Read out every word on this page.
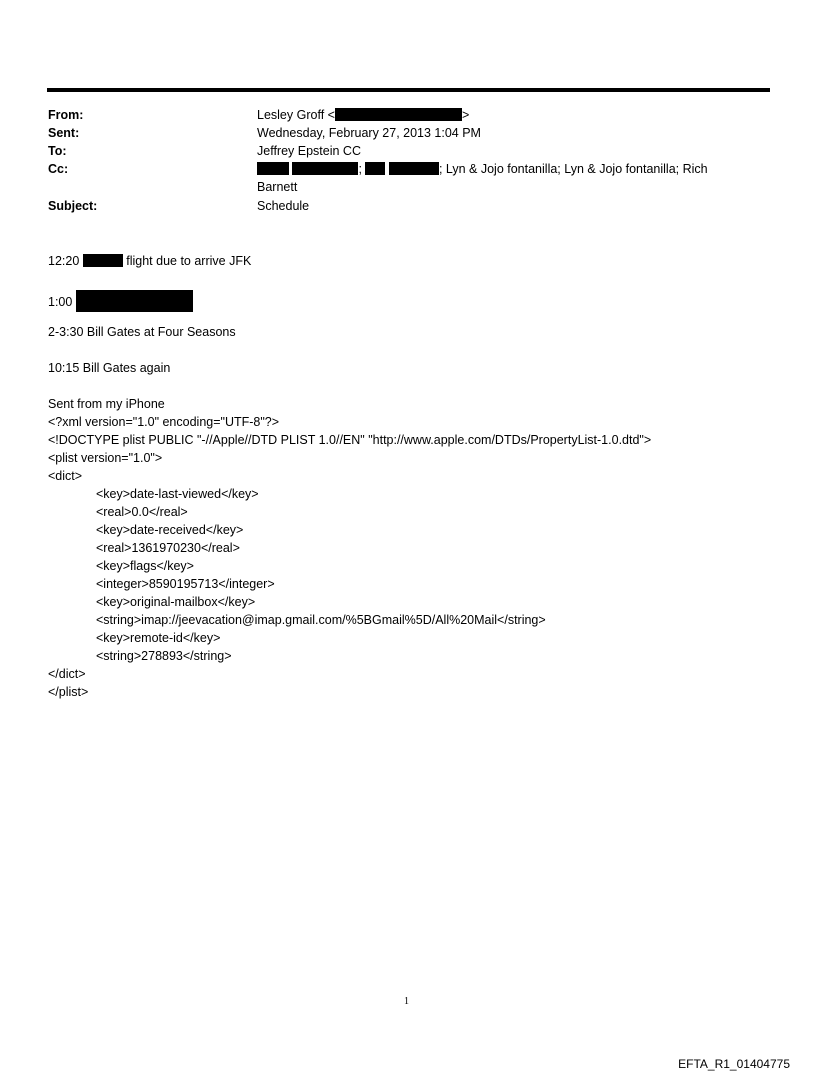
From:	Lesley Groff <	>
Sent:	Wednesday, February 27, 2013 1:04 PM
To:	Jeffrey Epstein CC
Cc:	;	; Lyn & Jojo fontanilla; Lyn & Jojo fontanilla; Rich
Barnett
Subject:	Schedule
12:20	flight due to arrive JFK
1:00
2-3:30 Bill Gates at Four Seasons
10:15 Bill Gates again
Sent from my iPhone
<?xml version="1.0" encoding="UTF-8"?>
<!DOCTYPE plist PUBLIC "-//Apple//DTD PLIST 1.0//EN" "http://www.apple.com/DTDs/PropertyList-1.0.dtd">
<plist version="1.0">
<dict>
<key>date-last-viewed</key>
<real>0.0</real>
<key>date-received</key>
<real>1361970230</real>
<key>flags</key>
<integer>8590195713</integer>
<key>original-mailbox</key>
<string>imap://jeevacation@imap.gmail.com/%5BGmail%5D/All%20Mail</string>
<key>remote-id</key>
<string>278893</string>
</dict>
</plist>
1
EFTA_R1_01404775
